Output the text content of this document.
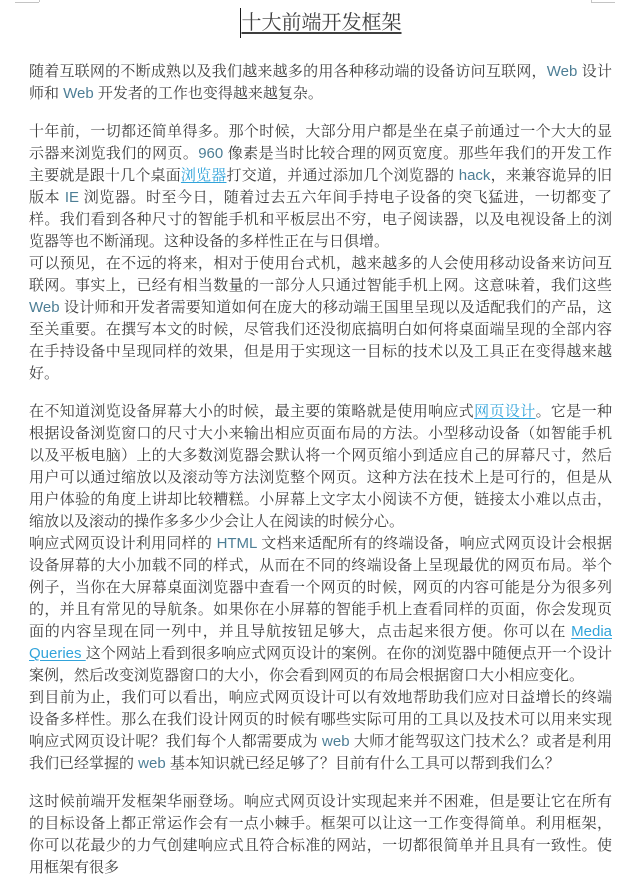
十大前端开发框架

随着互联网的不断成熟以及我们越来越多的用各种移动端的设备访问互联网，Web 设计师和 Web 开发者的工作也变得越来越复杂。

十年前，一切都还简单得多。那个时候，大部分用户都是坐在桌子前通过一个大大的显示器来浏览我们的网页。960 像素是当时比较合理的网页宽度。那些年我们的开发工作主要就是跟十几个桌面浏览器打交道，并通过添加几个浏览器的 hack，来兼容诡异的旧版本 IE 浏览器。时至今日，随着过去五六年间手持电子设备的突飞猛进，一切都变了样。我们看到各种尺寸的智能手机和平板层出不穷，电子阅读器，以及电视设备上的浏览器等也不断涌现。这种设备的多样性正在与日俱增。

可以预见，在不远的将来，相对于使用台式机，越来越多的人会使用移动设备来访问互联网。事实上，已经有相当数量的一部分人只通过智能手机上网。这意味着，我们这些 Web 设计师和开发者需要知道如何在庞大的移动端王国里呈现以及适配我们的产品，这至关重要。在撰写本文的时候，尽管我们还没彻底搞明白如何将桌面端呈现的全部内容在手持设备中呈现同样的效果，但是用于实现这一目标的技术以及工具正在变得越来越好。

在不知道浏览设备屏幕大小的时候，最主要的策略就是使用响应式网页设计。它是一种根据设备浏览窗口的尺寸大小来输出相应页面布局的方法。小型移动设备（如智能手机以及平板电脑）上的大多数浏览器会默认将一个网页缩小到适应自己的屏幕尺寸，然后用户可以通过缩放以及滚动等方法浏览整个网页。这种方法在技术上是可行的，但是从用户体验的角度上讲却比较糟糕。小屏幕上文字太小阅读不方便，链接太小难以点击，缩放以及滚动的操作多多少少会让人在阅读的时候分心。

响应式网页设计利用同样的 HTML 文档来适配所有的终端设备，响应式网页设计会根据设备屏幕的大小加载不同的样式，从而在不同的终端设备上呈现最优的网页布局。举个例子，当你在大屏幕桌面浏览器中查看一个网页的时候，网页的内容可能是分为很多列的，并且有常见的导航条。如果你在小屏幕的智能手机上查看同样的页面，你会发现页面的内容呈现在同一列中，并且导航按钮足够大，点击起来很方便。你可以在 Media Queries 这个网站上看到很多响应式网页设计的案例。在你的浏览器中随便点开一个设计案例，然后改变浏览器窗口的大小，你会看到网页的布局会根据窗口大小相应变化。

到目前为止，我们可以看出，响应式网页设计可以有效地帮助我们应对日益增长的终端设备多样性。那么在我们设计网页的时候有哪些实际可用的工具以及技术可以用来实现响应式网页设计呢？我们每个人都需要成为 web 大师才能驾驭这门技术么？或者是利用我们已经掌握的 web 基本知识就已经足够了？目前有什么工具可以帮到我们么？

这时候前端开发框架华丽登场。响应式网页设计实现起来并不困难，但是要让它在所有的目标设备上都正常运作会有一点小棘手。框架可以让这一工作变得简单。利用框架，你可以花最少的力气创建响应式且符合标准的网站，一切都很简单并且具有一致性。使用框架有很多
